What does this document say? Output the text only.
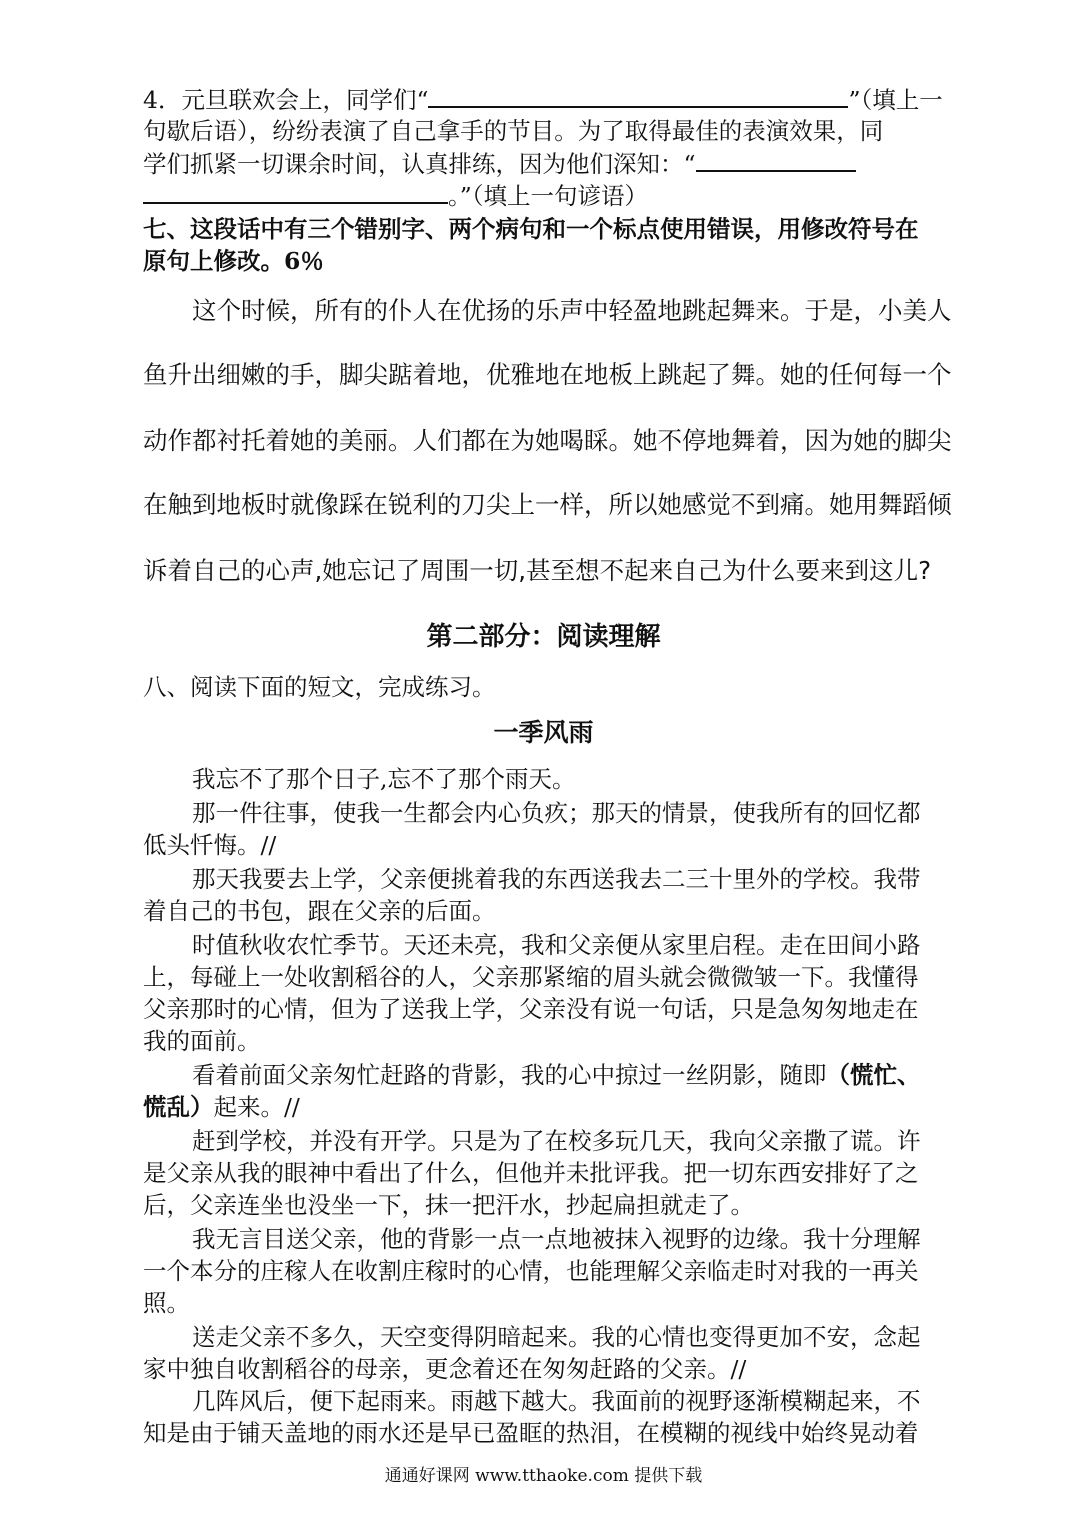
4．元旦联欢会上，同学们“	”（填上一
句歇后语），纷纷表演了自己拿手的节目。为了取得最佳的表演效果，同
学们抓紧一切课余时间，认真排练，因为他们深知：“
。”（填上一句谚语）
七、这段话中有三个错别字、两个病句和一个标点使用错误，用修改符号在
原句上修改。6％
这个时候，所有的仆人在优扬的乐声中轻盈地跳起舞来。于是，小美人
鱼升出细嫩的手，脚尖踮着地，优雅地在地板上跳起了舞。她的任何每一个
动作都衬托着她的美丽。人们都在为她喝睬。她不停地舞着，因为她的脚尖
在触到地板时就像踩在锐利的刀尖上一样，所以她感觉不到痛。她用舞蹈倾
诉着自己的心声,她忘记了周围一切,甚至想不起来自己为什么要来到这儿?
第二部分：阅读理解
八、阅读下面的短文，完成练习。
一季风雨
我忘不了那个日子,忘不了那个雨天。
那一件往事，使我一生都会内心负疚；那天的情景，使我所有的回忆都
低头忏悔。//
那天我要去上学，父亲便挑着我的东西送我去二三十里外的学校。我带
着自己的书包，跟在父亲的后面。
时值秋收农忙季节。天还未亮，我和父亲便从家里启程。走在田间小路
上，每碰上一处收割稻谷的人，父亲那紧缩的眉头就会微微皱一下。我懂得
父亲那时的心情，但为了送我上学，父亲没有说一句话，只是急匆匆地走在
我的面前。
看着前面父亲匆忙赶路的背影，我的心中掠过一丝阴影，随即（慌忙、
慌乱）起来。//
赶到学校，并没有开学。只是为了在校多玩几天，我向父亲撒了谎。许
是父亲从我的眼神中看出了什么，但他并未批评我。把一切东西安排好了之
后，父亲连坐也没坐一下，抹一把汗水，抄起扁担就走了。
我无言目送父亲，他的背影一点一点地被抹入视野的边缘。我十分理解
一个本分的庄稼人在收割庄稼时的心情，也能理解父亲临走时对我的一再关
照。
送走父亲不多久，天空变得阴暗起来。我的心情也变得更加不安，念起
家中独自收割稻谷的母亲，更念着还在匆匆赶路的父亲。//
几阵风后，便下起雨来。雨越下越大。我面前的视野逐渐模糊起来，不
知是由于铺天盖地的雨水还是早已盈眶的热泪，在模糊的视线中始终晃动着
通通好课网 www.tthaoke.com 提供下载
